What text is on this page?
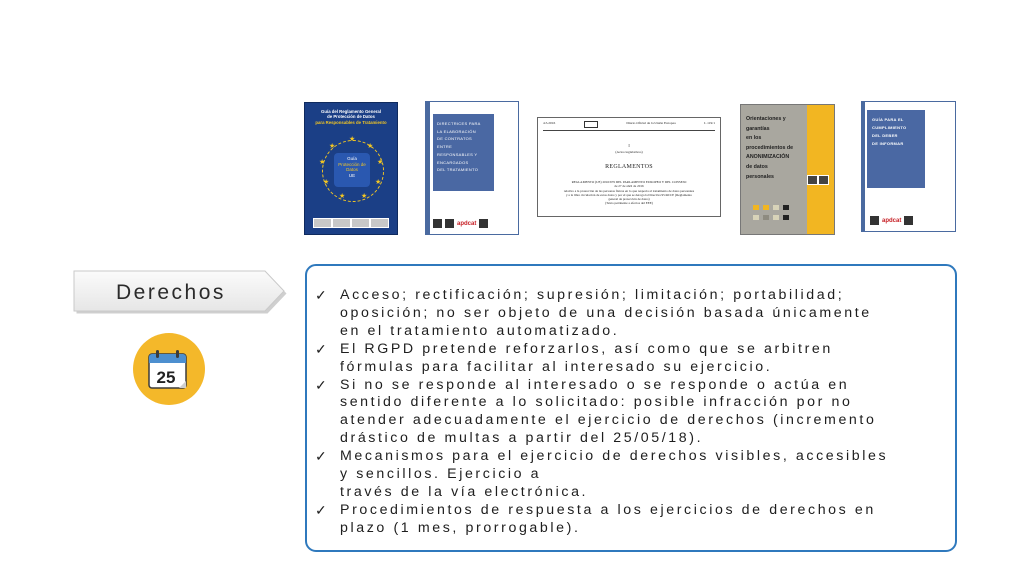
Guía del Reglamento General
de Protección de Datos
para Responsables de Tratamiento
★
★
★
★
★
★
★
★
★
Guía
Protección de
Datos
UE
DIRECTRICES PARA
LA ELABORACIÓN
DE CONTRATOS
ENTRE
RESPONSABLES Y
ENCARGADOS
DEL TRATAMIENTO
apdcat
4.5.2016	Diario Oficial de la Unión Europea	L 119/1
I
(Actos legislativos)
REGLAMENTOS
REGLAMENTO (UE) 2016/679 DEL PARLAMENTO EUROPEO Y DEL CONSEJO
de 27 de abril de 2016
relativo a la protección de las personas físicas en lo que respecta al tratamiento de datos personales
y a la libre circulación de estos datos y por el que se deroga la Directiva 95/46/CE (Reglamento
general de protección de datos)
(Texto pertinente a efectos del EEE)
Orientaciones y
garantías
en los
procedimientos de
ANONIMIZACIÓN
de datos
personales
GUÍA PARA EL
CUMPLIMIENTO
DEL DEBER
DE INFORMAR
apdcat
Derechos
25
✓ Acceso; rectificación; supresión; limitación; portabilidad;
oposición; no ser objeto de una decisión basada únicamente
en el tratamiento automatizado.
✓ El RGPD pretende reforzarlos, así como que se arbitren
fórmulas para facilitar al interesado su ejercicio.
✓ Si no se responde al interesado o se responde o actúa en
sentido diferente a lo solicitado: posible infracción por no
atender adecuadamente el ejercicio de derechos (incremento
drástico de multas a partir del 25/05/18).
✓ Mecanismos para el ejercicio de derechos visibles, accesibles
y sencillos. Ejercicio a
través de la vía electrónica.
✓ Procedimientos de respuesta a los ejercicios de derechos en
plazo (1 mes, prorrogable).
